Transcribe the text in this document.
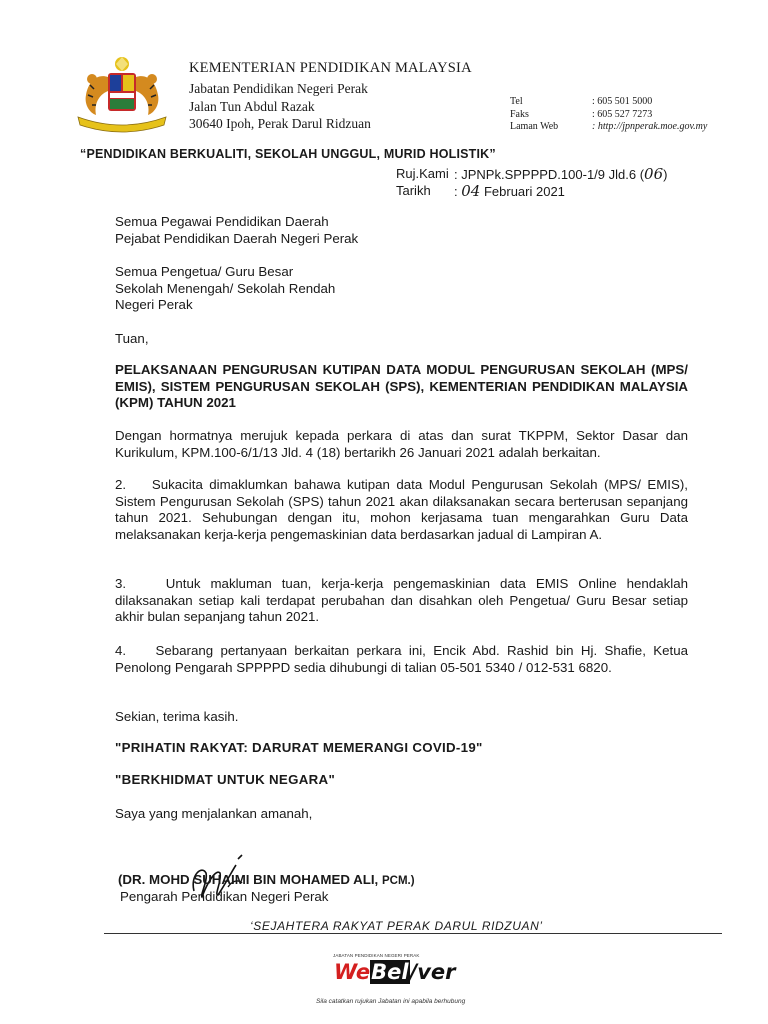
KEMENTERIAN PENDIDIKAN MALAYSIA
Jabatan Pendidikan Negeri Perak
Jalan Tun Abdul Razak
30640 Ipoh, Perak Darul Ridzuan
Tel	: 605 501 5000
Faks	: 605 527 7273
Laman Web	: http://jpnperak.moe.gov.my
“PENDIDIKAN BERKUALITI, SEKOLAH UNGGUL, MURID HOLISTIK”
Ruj.Kami : JPNPk.SPPPPD.100-1/9 Jld.6 (06)
Tarikh	: 04 Februari 2021
Semua Pegawai Pendidikan Daerah
Pejabat Pendidikan Daerah Negeri Perak
Semua Pengetua/ Guru Besar
Sekolah Menengah/ Sekolah Rendah
Negeri Perak
Tuan,
PELAKSANAAN PENGURUSAN KUTIPAN DATA MODUL PENGURUSAN SEKOLAH (MPS/ EMIS), SISTEM PENGURUSAN SEKOLAH (SPS), KEMENTERIAN PENDIDIKAN MALAYSIA (KPM) TAHUN 2021
Dengan hormatnya merujuk kepada perkara di atas dan surat TKPPM, Sektor Dasar dan Kurikulum, KPM.100-6/1/13 Jld. 4 (18) bertarikh 26 Januari 2021 adalah berkaitan.
2.    Sukacita dimaklumkan bahawa kutipan data Modul Pengurusan Sekolah (MPS/ EMIS), Sistem Pengurusan Sekolah (SPS) tahun 2021 akan dilaksanakan secara berterusan sepanjang tahun 2021. Sehubungan dengan itu, mohon kerjasama tuan mengarahkan Guru Data melaksanakan kerja-kerja pengemaskinian data berdasarkan jadual di Lampiran A.
3.    Untuk makluman tuan, kerja-kerja pengemaskinian data EMIS Online hendaklah dilaksanakan setiap kali terdapat perubahan dan disahkan oleh Pengetua/ Guru Besar setiap akhir bulan sepanjang tahun 2021.
4.    Sebarang pertanyaan berkaitan perkara ini, Encik Abd. Rashid bin Hj. Shafie, Ketua Penolong Pengarah SPPPPD sedia dihubungi di talian 05-501 5340 / 012-531 6820.
Sekian, terima kasih.
"PRIHATIN RAKYAT: DARURAT MEMERANGI COVID-19"
"BERKHIDMAT UNTUK NEGARA"
Saya yang menjalankan amanah,
(DR. MOHD SUHAIMI BIN MOHAMED ALI, PCM.)
Pengarah Pendidikan Negeri Perak
‘SEJAHTERA RAKYAT PERAK DARUL RIDZUAN’
JABATAN PENDIDIKAN NEGERI PERAK
WeBel/ver
Sila catatkan rujukan Jabatan ini apabila berhubung
